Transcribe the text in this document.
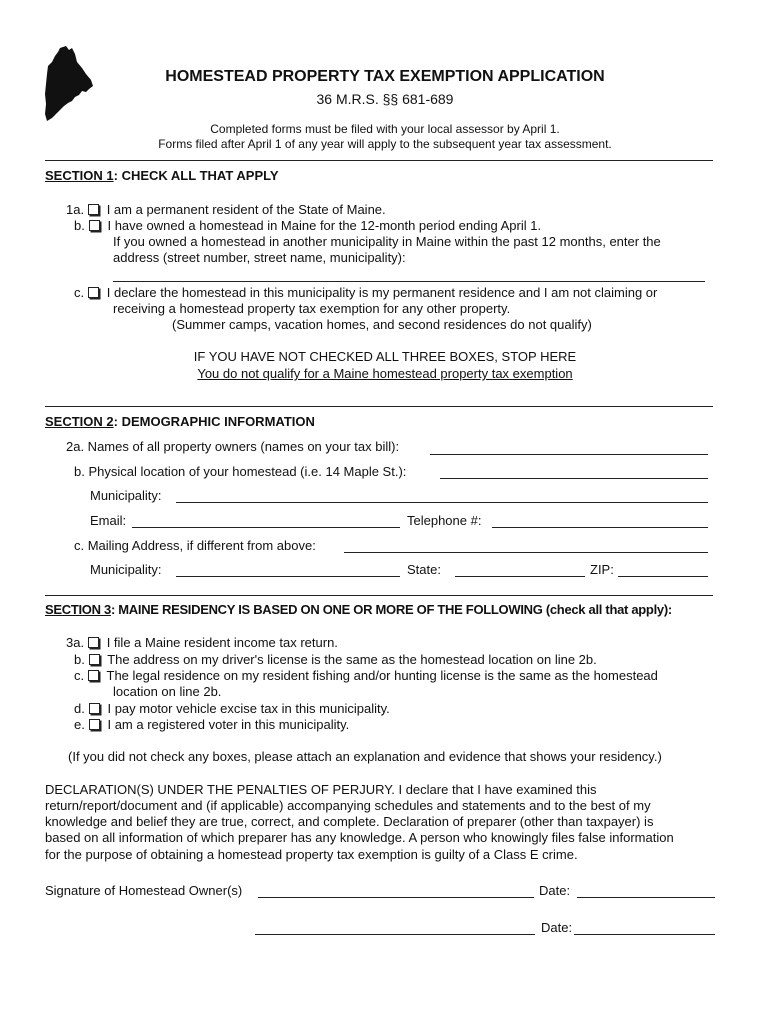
HOMESTEAD PROPERTY TAX EXEMPTION APPLICATION
36 M.R.S. §§ 681-689
Completed forms must be filed with your local assessor by April 1.
Forms filed after April 1 of any year will apply to the subsequent year tax assessment.
SECTION 1: CHECK ALL THAT APPLY
1a. I am a permanent resident of the State of Maine.
b. I have owned a homestead in Maine for the 12-month period ending April 1.
If you owned a homestead in another municipality in Maine within the past 12 months, enter the
address (street number, street name, municipality):
c. I declare the homestead in this municipality is my permanent residence and I am not claiming or
receiving a homestead property tax exemption for any other property.
(Summer camps, vacation homes, and second residences do not qualify)
IF YOU HAVE NOT CHECKED ALL THREE BOXES, STOP HERE
You do not qualify for a Maine homestead property tax exemption
SECTION 2: DEMOGRAPHIC INFORMATION
2a. Names of all property owners (names on your tax bill):
b. Physical location of your homestead (i.e. 14 Maple St.):
Municipality:
Email:	Telephone #:
c. Mailing Address, if different from above:
Municipality:	State:	ZIP:
SECTION 3: MAINE RESIDENCY IS BASED ON ONE OR MORE OF THE FOLLOWING (check all that apply):
3a. I file a Maine resident income tax return.
b. The address on my driver's license is the same as the homestead location on line 2b.
c. The legal residence on my resident fishing and/or hunting license is the same as the homestead
location on line 2b.
d. I pay motor vehicle excise tax in this municipality.
e. I am a registered voter in this municipality.
(If you did not check any boxes, please attach an explanation and evidence that shows your residency.)
DECLARATION(S) UNDER THE PENALTIES OF PERJURY. I declare that I have examined this
return/report/document and (if applicable) accompanying schedules and statements and to the best of my
knowledge and belief they are true, correct, and complete. Declaration of preparer (other than taxpayer) is
based on all information of which preparer has any knowledge. A person who knowingly files false information
for the purpose of obtaining a homestead property tax exemption is guilty of a Class E crime.
Signature of Homestead Owner(s)	Date:
Date:
